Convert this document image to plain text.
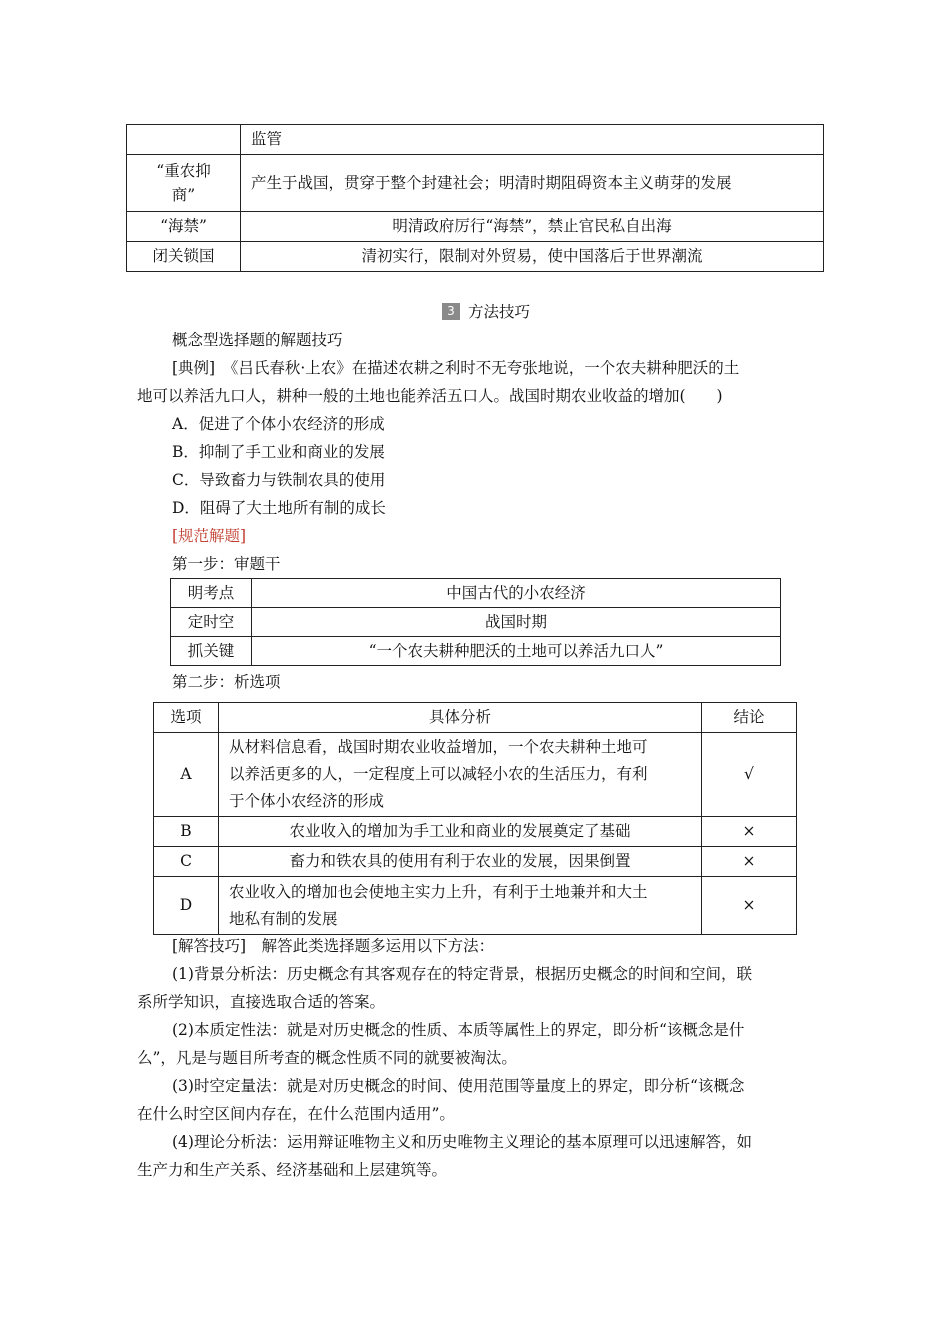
	监管
“重农抑商”	产生于战国，贯穿于整个封建社会；明清时期阻碍资本主义萌芽的发展
“海禁”	明清政府厉行“海禁”，禁止官民私自出海
闭关锁国	清初实行，限制对外贸易，使中国落后于世界潮流
3 方法技巧
概念型选择题的解题技巧
[典例]　 《吕氏春秋·上农》在描述农耕之利时不无夸张地说，一个农夫耕种肥沃的土
地可以养活九口人，耕种一般的土地也能养活五口人。战国时期农业收益的增加(　　)
A．促进了个体小农经济的形成
B．抑制了手工业和商业的发展
C．导致畜力与铁制农具的使用
D．阻碍了大土地所有制的成长
[规范解题]
第一步：审题干
明考点	中国古代的小农经济
定时空	战国时期
抓关键	“一个农夫耕种肥沃的土地可以养活九口人”
第二步：析选项
选项	具体分析	结论
A	从材料信息看，战国时期农业收益增加，一个农夫耕种土地可
以养活更多的人，一定程度上可以减轻小农的生活压力，有利
于个体小农经济的形成	√
B	农业收入的增加为手工业和商业的发展奠定了基础	×
C	畜力和铁农具的使用有利于农业的发展，因果倒置	×
D	农业收入的增加也会使地主实力上升，有利于土地兼并和大土
地私有制的发展	×
[解答技巧]　解答此类选择题多运用以下方法：
(1)背景分析法：历史概念有其客观存在的特定背景，根据历史概念的时间和空间，联
系所学知识，直接选取合适的答案。
(2)本质定性法：就是对历史概念的性质、本质等属性上的界定，即分析“该概念是什
么”，凡是与题目所考查的概念性质不同的就要被淘汰。
(3)时空定量法：就是对历史概念的时间、使用范围等量度上的界定，即分析“该概念
在什么时空区间内存在，在什么范围内适用”。
(4)理论分析法：运用辩证唯物主义和历史唯物主义理论的基本原理可以迅速解答，如
生产力和生产关系、经济基础和上层建筑等。
